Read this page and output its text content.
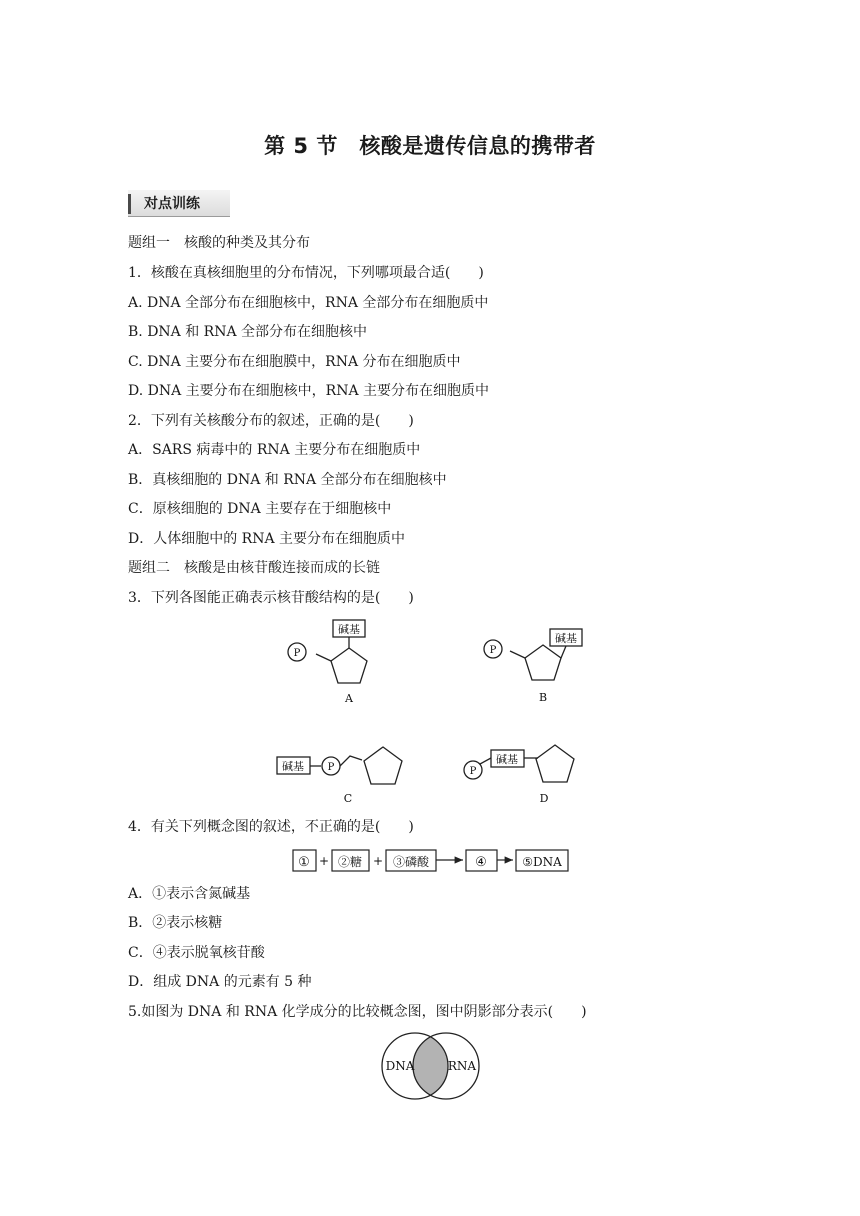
第 5 节　核酸是遗传信息的携带者
对点训练
题组一　核酸的种类及其分布
1．核酸在真核细胞里的分布情况，下列哪项最合适(　　)
A. DNA 全部分布在细胞核中，RNA 全部分布在细胞质中
B. DNA 和 RNA 全部分布在细胞核中
C. DNA 主要分布在细胞膜中，RNA 分布在细胞质中
D. DNA 主要分布在细胞核中，RNA 主要分布在细胞质中
2．下列有关核酸分布的叙述，正确的是(　　)
A．SARS 病毒中的 RNA 主要分布在细胞质中
B．真核细胞的 DNA 和 RNA 全部分布在细胞核中
C．原核细胞的 DNA 主要存在于细胞核中
D．人体细胞中的 RNA 主要分布在细胞质中
题组二　核酸是由核苷酸连接而成的长链
3．下列各图能正确表示核苷酸结构的是(　　)
碱基
P
A
碱基
P
B
碱基 P
C
碱基
P
D
4．有关下列概念图的叙述，不正确的是(　　)
① + ②糖 + ③磷酸	④	⑤DNA
A．①表示含氮碱基
B．②表示核糖
C．④表示脱氧核苷酸
D．组成 DNA 的元素有 5 种
5.如图为 DNA 和 RNA 化学成分的比较概念图，图中阴影部分表示(　　)
DNA	RNA
